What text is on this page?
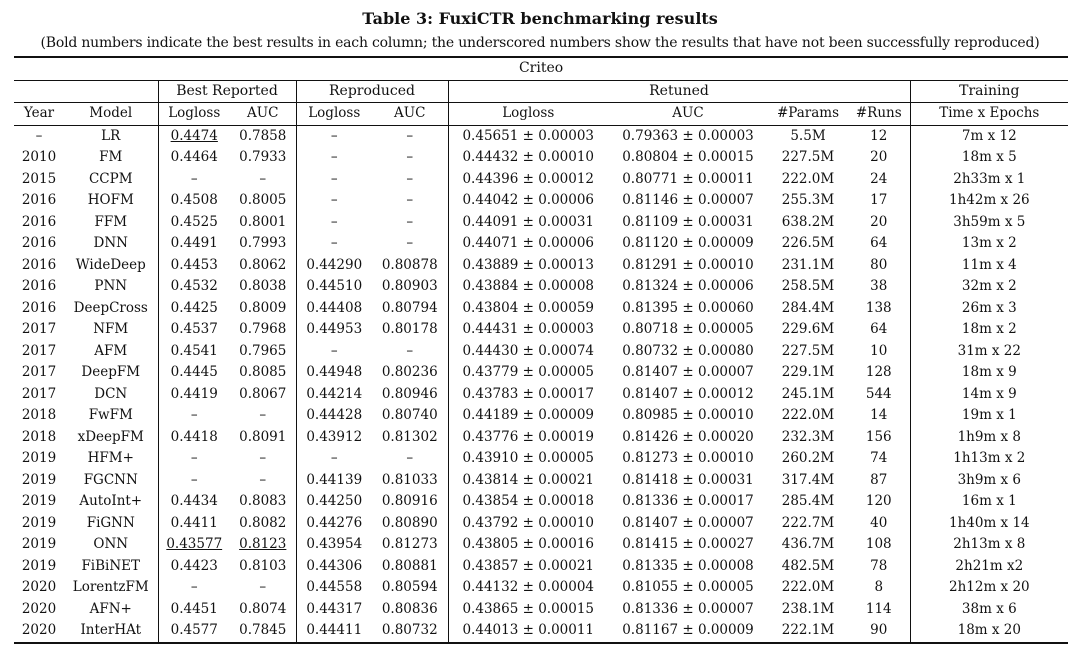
Table 3: FuxiCTR benchmarking results
(Bold numbers indicate the best results in each column; the underscored numbers show the results that have not been successfully reproduced)
Criteo										
		Best Reported		Reproduced		Retuned				Training
Year	Model	Logloss	AUC	Logloss	AUC	Logloss	AUC	#Params	#Runs	Time x Epochs
–	LR	0.4474	0.7858	–	–	0.45651 ± 0.00003	0.79363 ± 0.00003	5.5M	12	7m x 12
2010	FM	0.4464	0.7933	–	–	0.44432 ± 0.00010	0.80804 ± 0.00015	227.5M	20	18m x 5
2015	CCPM	–	–	–	–	0.44396 ± 0.00012	0.80771 ± 0.00011	222.0M	24	2h33m x 1
2016	HOFM	0.4508	0.8005	–	–	0.44042 ± 0.00006	0.81146 ± 0.00007	255.3M	17	1h42m x 26
2016	FFM	0.4525	0.8001	–	–	0.44091 ± 0.00031	0.81109 ± 0.00031	638.2M	20	3h59m x 5
2016	DNN	0.4491	0.7993	–	–	0.44071 ± 0.00006	0.81120 ± 0.00009	226.5M	64	13m x 2
2016	WideDeep	0.4453	0.8062	0.44290	0.80878	0.43889 ± 0.00013	0.81291 ± 0.00010	231.1M	80	11m x 4
2016	PNN	0.4532	0.8038	0.44510	0.80903	0.43884 ± 0.00008	0.81324 ± 0.00006	258.5M	38	32m x 2
2016	DeepCross	0.4425	0.8009	0.44408	0.80794	0.43804 ± 0.00059	0.81395 ± 0.00060	284.4M	138	26m x 3
2017	NFM	0.4537	0.7968	0.44953	0.80178	0.44431 ± 0.00003	0.80718 ± 0.00005	229.6M	64	18m x 2
2017	AFM	0.4541	0.7965	–	–	0.44430 ± 0.00074	0.80732 ± 0.00080	227.5M	10	31m x 22
2017	DeepFM	0.4445	0.8085	0.44948	0.80236	0.43779 ± 0.00005	0.81407 ± 0.00007	229.1M	128	18m x 9
2017	DCN	0.4419	0.8067	0.44214	0.80946	0.43783 ± 0.00017	0.81407 ± 0.00012	245.1M	544	14m x 9
2018	FwFM	–	–	0.44428	0.80740	0.44189 ± 0.00009	0.80985 ± 0.00010	222.0M	14	19m x 1
2018	xDeepFM	0.4418	0.8091	0.43912	0.81302	0.43776 ± 0.00019	0.81426 ± 0.00020	232.3M	156	1h9m x 8
2019	HFM+	–	–	–	–	0.43910 ± 0.00005	0.81273 ± 0.00010	260.2M	74	1h13m x 2
2019	FGCNN	–	–	0.44139	0.81033	0.43814 ± 0.00021	0.81418 ± 0.00031	317.4M	87	3h9m x 6
2019	AutoInt+	0.4434	0.8083	0.44250	0.80916	0.43854 ± 0.00018	0.81336 ± 0.00017	285.4M	120	16m x 1
2019	FiGNN	0.4411	0.8082	0.44276	0.80890	0.43792 ± 0.00010	0.81407 ± 0.00007	222.7M	40	1h40m x 14
2019	ONN	0.43577	0.8123	0.43954	0.81273	0.43805 ± 0.00016	0.81415 ± 0.00027	436.7M	108	2h13m x 8
2019	FiBiNET	0.4423	0.8103	0.44306	0.80881	0.43857 ± 0.00021	0.81335 ± 0.00008	482.5M	78	2h21m x2
2020	LorentzFM	–	–	0.44558	0.80594	0.44132 ± 0.00004	0.81055 ± 0.00005	222.0M	8	2h12m x 20
2020	AFN+	0.4451	0.8074	0.44317	0.80836	0.43865 ± 0.00015	0.81336 ± 0.00007	238.1M	114	38m x 6
2020	InterHAt	0.4577	0.7845	0.44411	0.80732	0.44013 ± 0.00011	0.81167 ± 0.00009	222.1M	90	18m x 20
